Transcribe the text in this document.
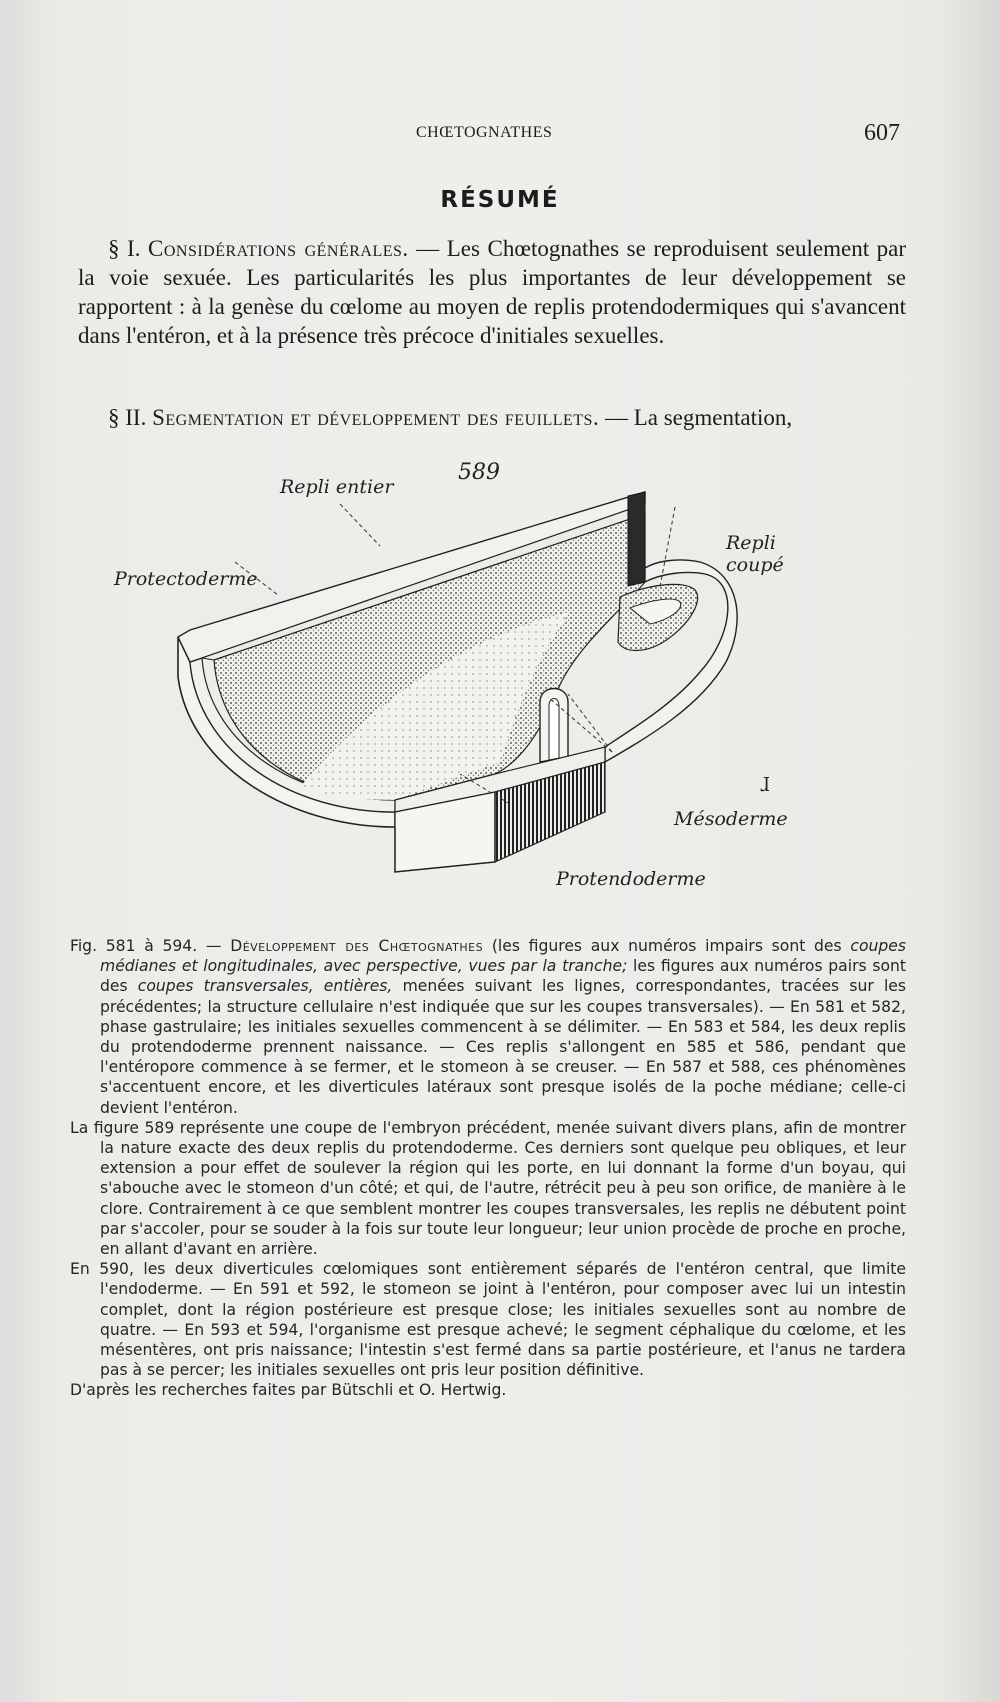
CHŒTOGNATHES	607
RÉSUMÉ
§ I. Considérations générales. — Les Chœtognathes se reproduisent seulement par la voie sexuée. Les particularités les plus importantes de leur développement se rapportent : à la genèse du cœlome au moyen de replis protendodermiques qui s'avancent dans l'entéron, et à la présence très précoce d'initiales sexuelles.
§ II. Segmentation et développement des feuillets. — La segmentation,
589
Repli entier
Protectoderme
Repli coupé
Mésoderme
Protendoderme
ɺ

Fig. 581 à 594. — Développement des Chœtognathes (les figures aux numéros impairs sont des coupes médianes et longitudinales, avec perspective, vues par la tranche; les figures aux numéros pairs sont des coupes transversales, entières, menées suivant les lignes, correspondantes, tracées sur les précédentes; la structure cellulaire n'est indiquée que sur les coupes transversales). — En 581 et 582, phase gastrulaire; les initiales sexuelles commencent à se délimiter. — En 583 et 584, les deux replis du protendoderme prennent naissance. — Ces replis s'allongent en 585 et 586, pendant que l'entéropore commence à se fermer, et le stomeon à se creuser. — En 587 et 588, ces phénomènes s'accentuent encore, et les diverticules latéraux sont presque isolés de la poche médiane; celle-ci devient l'entéron.

La figure 589 représente une coupe de l'embryon précédent, menée suivant divers plans, afin de montrer la nature exacte des deux replis du protendoderme. Ces derniers sont quelque peu obliques, et leur extension a pour effet de soulever la région qui les porte, en lui donnant la forme d'un boyau, qui s'abouche avec le stomeon d'un côté; et qui, de l'autre, rétrécit peu à peu son orifice, de manière à le clore. Contrairement à ce que semblent montrer les coupes transversales, les replis ne débutent point par s'accoler, pour se souder à la fois sur toute leur longueur; leur union procède de proche en proche, en allant d'avant en arrière.

En 590, les deux diverticules cœlomiques sont entièrement séparés de l'entéron central, que limite l'endoderme. — En 591 et 592, le stomeon se joint à l'entéron, pour composer avec lui un intestin complet, dont la région postérieure est presque close; les initiales sexuelles sont au nombre de quatre. — En 593 et 594, l'organisme est presque achevé; le segment céphalique du cœlome, et les mésentères, ont pris naissance; l'intestin s'est fermé dans sa partie postérieure, et l'anus ne tardera pas à se percer; les initiales sexuelles ont pris leur position définitive.

D'après les recherches faites par Bütschli et O. Hertwig.
